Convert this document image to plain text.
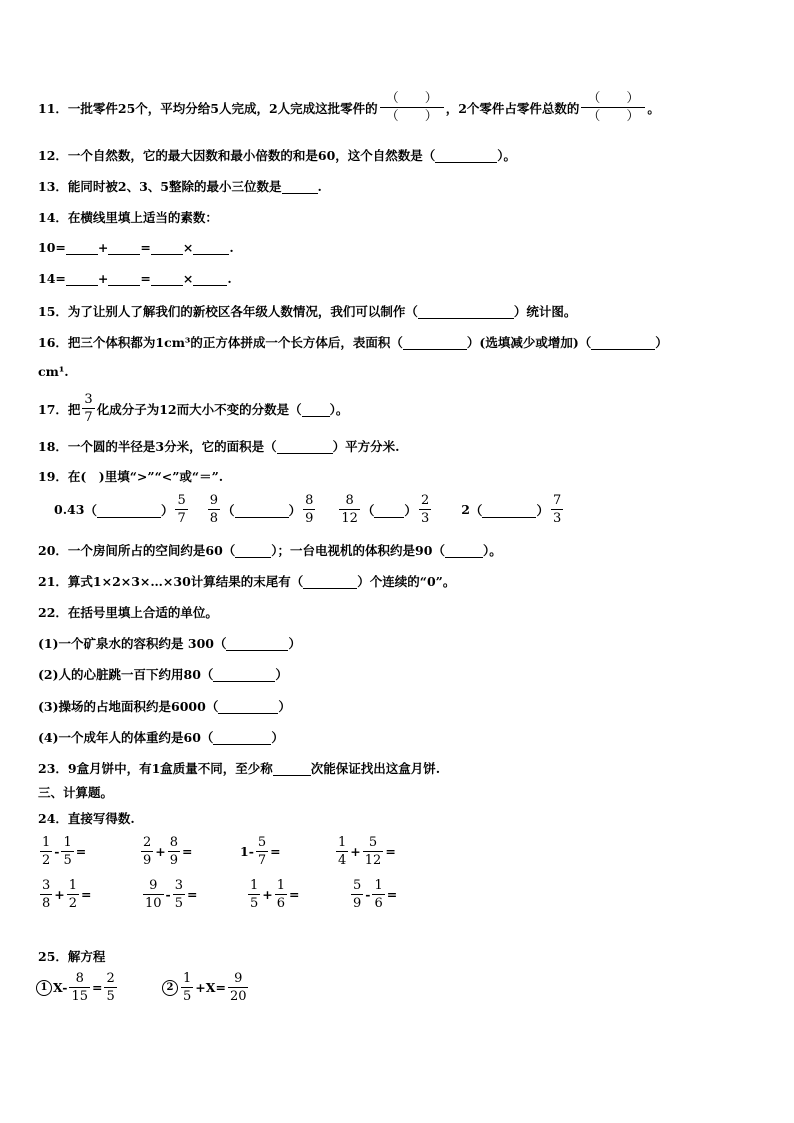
11．一批零件25个，平均分给5人完成，2人完成这批零件的 $\frac{( )}{( )}$ ，2个零件占零件总数的 $\frac{( )}{( )}$ 。
12．一个自然数，它的最大因数和最小倍数的和是60，这个自然数是（
	）。
13．能同时被2、3、5整除的最小三位数是
	.
14．在横线里填上适当的素数：
10=
	+
	=
	×
	.
14=
	+
	=
	×
	.
15．为了让别人了解我们的新校区各年级人数情况，我们可以制作（
	）统计图。
16．把三个体积都为1cm³的正方体拼成一个长方体后，表面积（
	）(选填减少或增加)（
	）
cm¹.
17．把 $\frac{3}{7}$ 化成分子为12而大小不变的分数是（
）。
18．一个圆的半径是3分米，它的面积是（
	）平方分米.
19．在(　)里填“>”“<”或“＝”.
0.43 （
	） $\frac{5}{7} \frac{9}{8}$ （
	） $\frac{8}{9} \frac{8}{12}$ （
） $\frac{2}{3} 2$ （
	） $\frac{7}{3}$
20．一个房间所占的空间约是60（
	）；一台电视机的体积约是90（
	）。
21．算式1×2×3×…×30计算结果的末尾有（
	）个连续的“0”。
22．在括号里填上合适的单位。
(1)一个矿泉水的容积约是 300（
	）
(2)人的心脏跳一百下约用80（
	）
(3)操场的占地面积约是6000（
	）
(4)一个成年人的体重约是60（
	）
23．9盒月饼中，有1盒质量不同，至少称
	次能保证找出这盒月饼.
三、计算题。
24．直接写得数.
$\frac{1}{2} - \frac{1}{5}$ =	$\frac{2}{9} + \frac{8}{9}$ =	$1- \frac{5}{7}$ =	$\frac{1}{4} + \frac{5}{12}$ =
$\frac{3}{8} + \frac{1}{2}$ =	$\frac{9}{10} - \frac{3}{5}$ =	$\frac{1}{5} + \frac{1}{6}$ =	$\frac{5}{9} - \frac{1}{6}$ =
25．解方程
1 $X- \frac{8}{15} = \frac{2}{5}$	$2 \frac{1}{5} +X= \frac{9}{20}$
